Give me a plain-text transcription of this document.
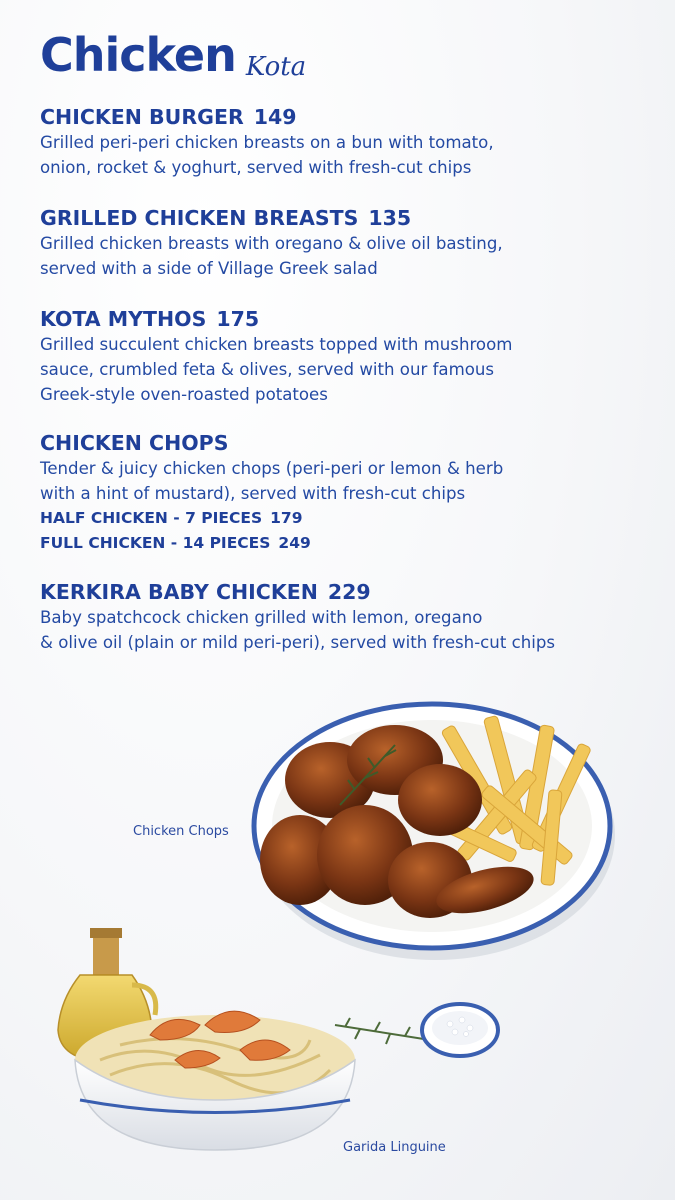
Chicken Kota
CHICKEN BURGER 149
Grilled peri-peri chicken breasts on a bun with tomato,
onion, rocket & yoghurt, served with fresh-cut chips
GRILLED CHICKEN BREASTS 135
Grilled chicken breasts with oregano & olive oil basting,
served with a side of Village Greek salad
KOTA MYTHOS 175
Grilled succulent chicken breasts topped with mushroom
sauce, crumbled feta & olives, served with our famous
Greek-style oven-roasted potatoes
CHICKEN CHOPS
Tender & juicy chicken chops (peri-peri or lemon & herb
with a hint of mustard), served with fresh-cut chips
HALF CHICKEN - 7 PIECES 179
FULL CHICKEN - 14 PIECES 249
KERKIRA BABY CHICKEN 229
Baby spatchcock chicken grilled with lemon, oregano
& olive oil (plain or mild peri-peri), served with fresh-cut chips
Chicken Chops
Garida Linguine
